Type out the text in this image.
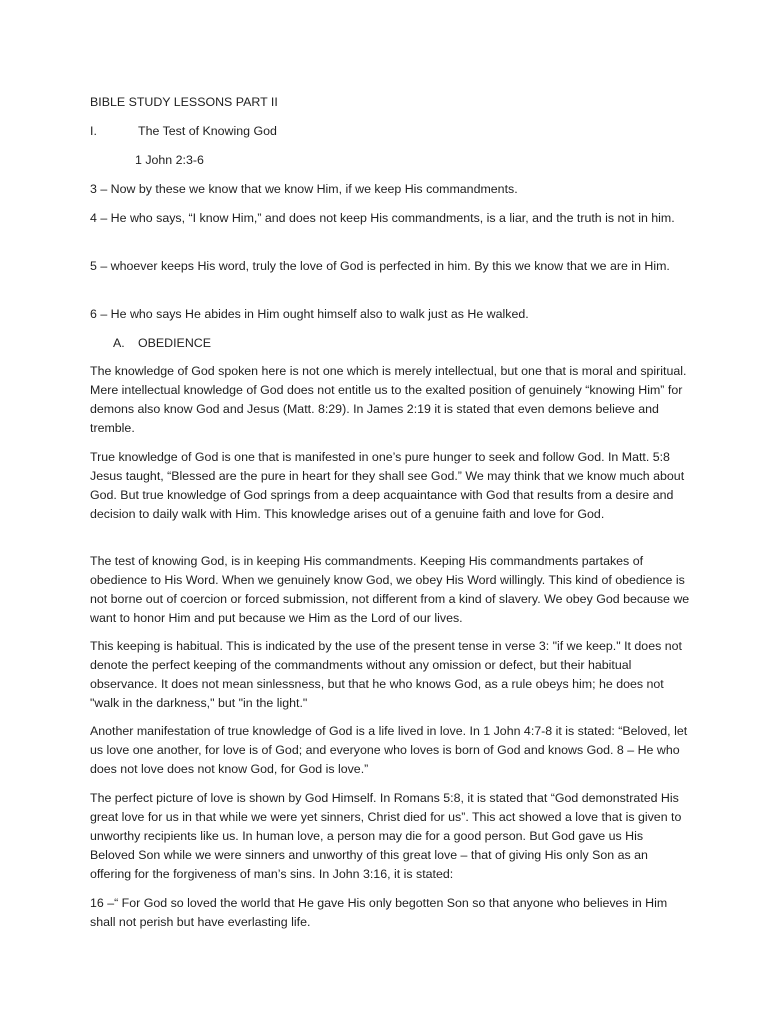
BIBLE STUDY LESSONS PART II

I.	The Test of Knowing God
1 John 2:3-6

3 – Now by these we know that we know Him, if we keep His commandments.

4 – He who says, “I know Him,” and does not keep His commandments, is a liar, and the truth is not in him.

5 – whoever keeps His word, truly the love of God is perfected in him. By this we know that we are in Him.

6 – He who says He abides in Him ought himself also to walk just as He walked.

A. OBEDIENCE

The knowledge of God spoken here is not one which is merely intellectual, but one that is moral and spiritual. Mere intellectual knowledge of God does not entitle us to the exalted position of genuinely “knowing Him” for demons also know God and Jesus (Matt. 8:29). In James 2:19 it is stated that even demons believe and tremble.

True knowledge of God is one that is manifested in one’s pure hunger to seek and follow God. In Matt. 5:8 Jesus taught, “Blessed are the pure in heart for they shall see God.” We may think that we know much about God. But true knowledge of God springs from a deep acquaintance with God that results from a desire and decision to daily walk with Him. This knowledge arises out of a genuine faith and love for God.

The test of knowing God, is in keeping His commandments. Keeping His commandments partakes of obedience to His Word. When we genuinely know God, we obey His Word willingly. This kind of obedience is not borne out of coercion or forced submission, not different from a kind of slavery. We obey God because we want to honor Him and put because we Him as the Lord of our lives.

This keeping is habitual. This is indicated by the use of the present tense in verse 3: "if we keep." It does not denote the perfect keeping of the commandments without any omission or defect, but their habitual observance. It does not mean sinlessness, but that he who knows God, as a rule obeys him; he does not "walk in the darkness," but "in the light."

Another manifestation of true knowledge of God is a life lived in love. In 1 John 4:7-8 it is stated: “Beloved, let us love one another, for love is of God; and everyone who loves is born of God and knows God. 8 – He who does not love does not know God, for God is love.”

The perfect picture of love is shown by God Himself. In Romans 5:8, it is stated that “God demonstrated His great love for us in that while we were yet sinners, Christ died for us”. This act showed a love that is given to unworthy recipients like us. In human love, a person may die for a good person. But God gave us His Beloved Son while we were sinners and unworthy of this great love – that of giving His only Son as an offering for the forgiveness of man’s sins. In John 3:16, it is stated:

16 –“ For God so loved the world that He gave His only begotten Son so that anyone who believes in Him shall not perish but have everlasting life.
